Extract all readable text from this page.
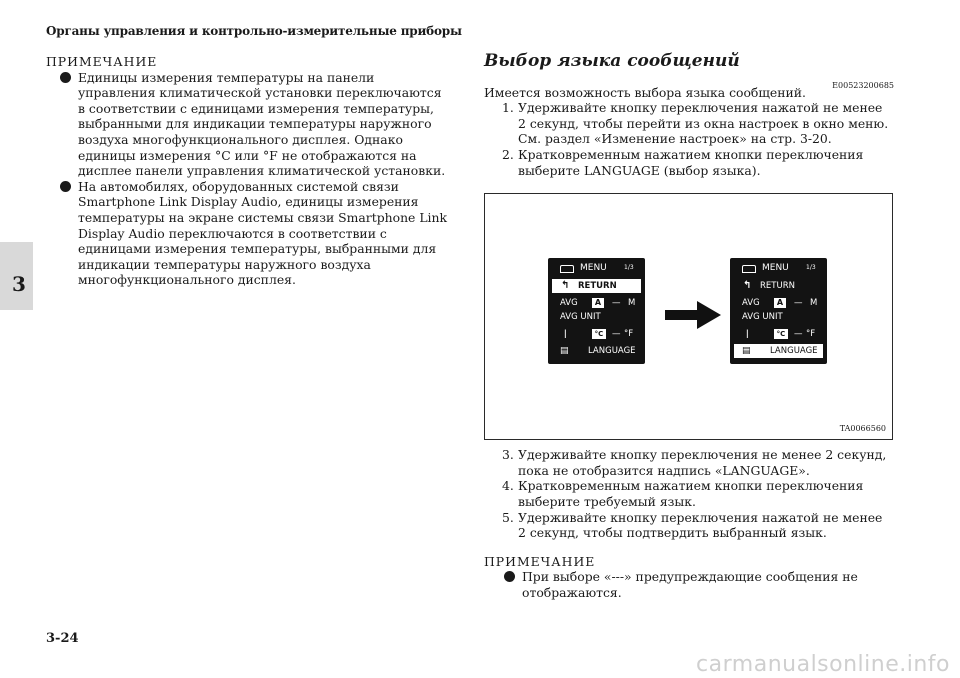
Органы управления и контрольно-измерительные приборы
3
ПРИМЕЧАНИЕ
Единицы измерения температуры на панели управления климатической установки переключаются в соответствии с единицами измерения температуры, выбранными для индикации температуры наружного воздуха многофункционального дисплея. Однако единицы измерения °C или °F не отображаются на дисплее панели управления климатической установки.
На автомобилях, оборудованных системой связи Smartphone Link Display Audio, единицы измерения температуры на экране системы связи Smartphone Link Display Audio переключаются в соответствии с единицами измерения температуры, выбранными для индикации температуры наружного воздуха многофункционального дисплея.
Выбор языка сообщений
E00523200685
Имеется возможность выбора языка сообщений.
1. Удерживайте кнопку переключения нажатой не менее 2 секунд, чтобы перейти из окна настроек в окно меню. См. раздел «Изменение настроек» на стр. 3-20.
2. Кратковременным нажатием кнопки переключения выберите LANGUAGE (выбор языка).
MENU	1/3
↰ RETURN
AVG	A	— M
AVG UNIT
ǀ	°C	— °F
▤ LANGUAGE
MENU	1/3
↰ RETURN
AVG	A	— M
AVG UNIT
ǀ	°C	— °F
▤ LANGUAGE
TA0066560
3. Удерживайте кнопку переключения не менее 2 секунд, пока не отобразится надпись «LANGUAGE».
4. Кратковременным нажатием кнопки переключения выберите требуемый язык.
5. Удерживайте кнопку переключения нажатой не менее 2 секунд, чтобы подтвердить выбранный язык.
ПРИМЕЧАНИЕ
При выборе «---» предупреждающие сообщения не отображаются.
3-24
carmanualsonline.info
